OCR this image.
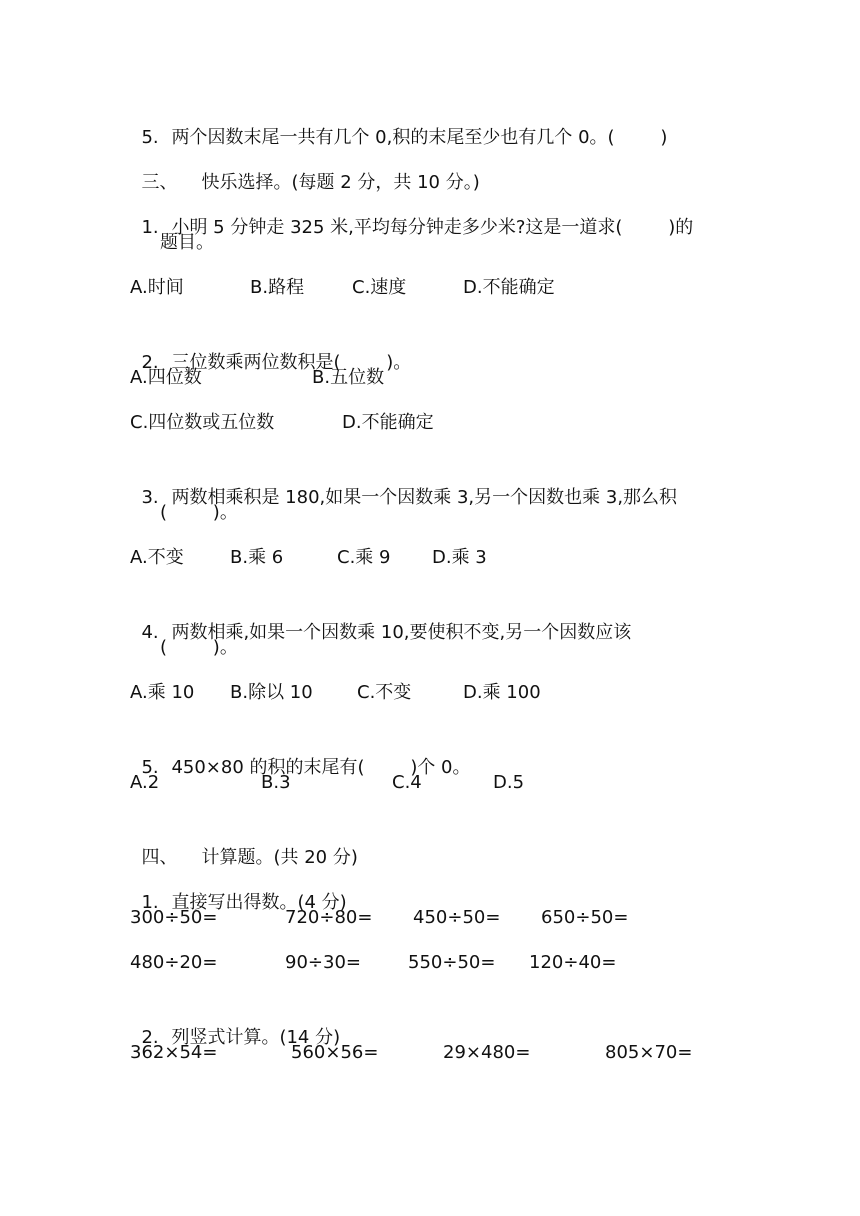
5. 两个因数末尾一共有几个 0,积的末尾至少也有几个 0。(        )

三、 快乐选择。(每题 2 分，共 10 分。)

1. 小明 5 分钟走 325 米,平均每分钟走多少米?这是一道求(        )的

题目。

A.时间

	B.路程

	C.速度

	D.不能确定

2. 三位数乘两位数积是(        )。

A.四位数

	B.五位数

C.四位数或五位数

	D.不能确定

3. 两数相乘积是 180,如果一个因数乘 3,另一个因数也乘 3,那么积

(        )。

A.不变

	B.乘 6

	C.乘 9

D.乘 3

4. 两数相乘,如果一个因数乘 10,要使积不变,另一个因数应该

(        )。

A.乘 10

B.除以 10

C.不变

	D.乘 100

5. 450×80 的积的末尾有(        )个 0。

A.2

	B.3

	C.4

	D.5

四、 计算题。(共 20 分)

1. 直接写出得数。(4 分)

300÷50=

	720÷80=

450÷50=

650÷50=

480÷20=

	90÷30=

	550÷50=

120÷40=

2. 列竖式计算。(14 分)

362×54=

	560×56=

	29×480=

	805×70=
